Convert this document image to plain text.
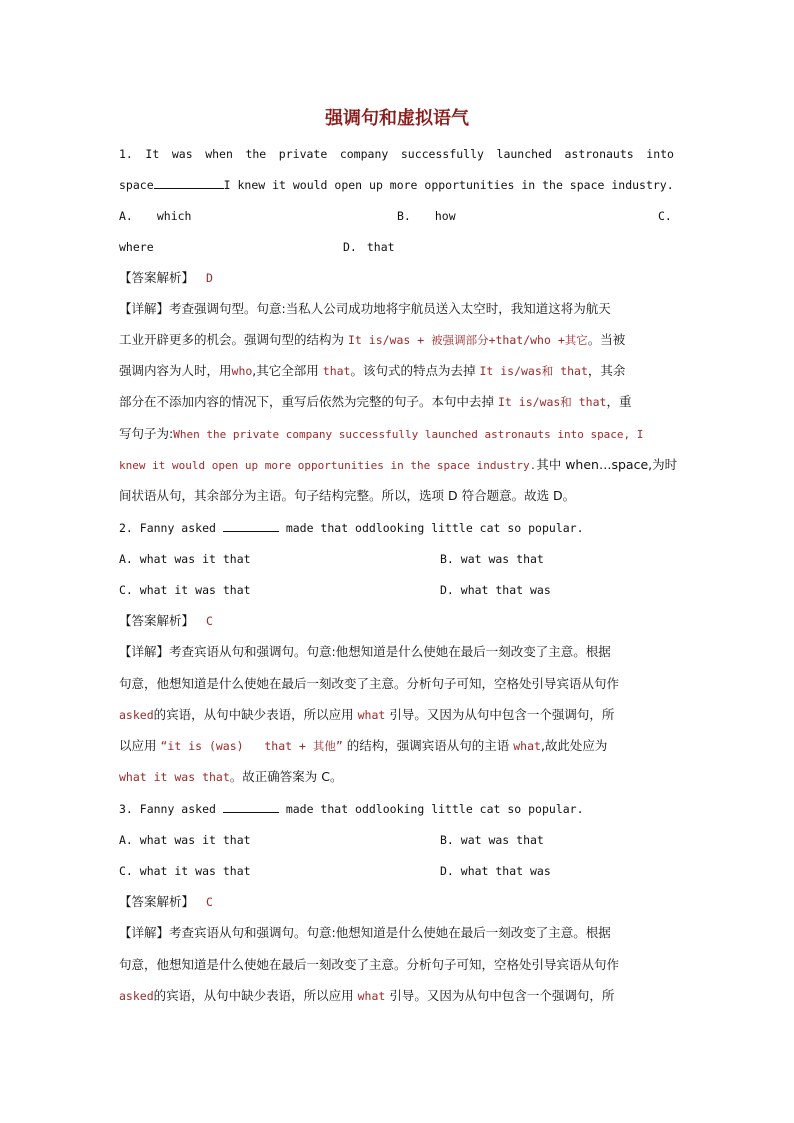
强调句和虚拟语气
1. It was when the private company successfully launched astronauts into
space	I knew it would open up more opportunities in the space industry.
A. which	B. how	C.
where	D. that
【答案解析】 D
【详解】考查强调句型。句意:当私人公司成功地将宇航员送入太空时，我知道这将为航天
工业开辟更多的机会。强调句型的结构为 It is/was + 被强调部分+that/who +其它。当被
强调内容为人时，用who,其它全部用 that。该句式的特点为去掉 It is/was和 that，其余
部分在不添加内容的情况下，重写后依然为完整的句子。本句中去掉 It is/was和 that，重
写句子为:When the private company successfully launched astronauts into space, I
knew it would open up more opportunities in the space industry.其中 when…space,为时
间状语从句，其余部分为主语。句子结构完整。所以，选项 D 符合题意。故选 D。
2. Fanny asked	made that oddlooking little cat so popular.
A. what was it that	B. wat was that
C. what it was that	D. what that was
【答案解析】 C
【详解】考查宾语从句和强调句。句意:他想知道是什么使她在最后一刻改变了主意。根据
句意，他想知道是什么使她在最后一刻改变了主意。分析句子可知，空格处引导宾语从句作
asked的宾语，从句中缺少表语，所以应用 what 引导。又因为从句中包含一个强调句，所
以应用 “it is (was)   that + 其他” 的结构，强调宾语从句的主语 what,故此处应为
what it was that。故正确答案为 C。
3. Fanny asked	made that oddlooking little cat so popular.
A. what was it that	B. wat was that
C. what it was that	D. what that was
【答案解析】 C
【详解】考查宾语从句和强调句。句意:他想知道是什么使她在最后一刻改变了主意。根据
句意，他想知道是什么使她在最后一刻改变了主意。分析句子可知，空格处引导宾语从句作
asked的宾语，从句中缺少表语，所以应用 what 引导。又因为从句中包含一个强调句，所
